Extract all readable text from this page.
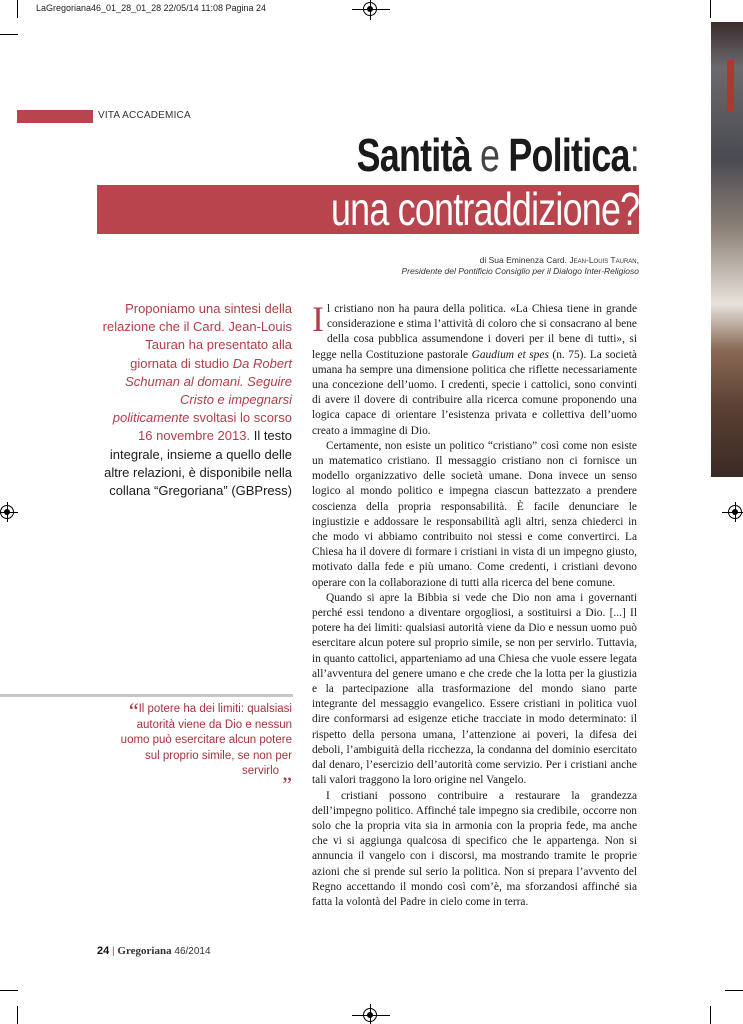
LaGregoriana46_01_28_01_28 22/05/14 11:08 Pagina 24
VITA ACCADEMICA
Santità e Politica:
una contraddizione?
di Sua Eminenza Card. Jean-Louis Tauran,
Presidente del Pontificio Consiglio per il Dialogo Inter-Religioso
Proponiamo una sintesi della relazione che il Card. Jean-Louis Tauran ha presentato alla giornata di studio Da Robert Schuman al domani. Seguire Cristo e impegnarsi politicamente svoltasi lo scorso 16 novembre 2013. Il testo integrale, insieme a quello delle altre relazioni, è disponibile nella collana “Gregoriana” (GBPress)
“Il potere ha dei limiti: qualsiasi autorità viene da Dio e nessun uomo può esercitare alcun potere sul proprio simile, se non per servirlo „

Il cristiano non ha paura della politica. «La Chiesa tiene in grande considerazione e stima l’attività di coloro che si consacrano al bene della cosa pubblica assumendone i doveri per il bene di tutti», si legge nella Costituzione pastorale Gaudium et spes (n. 75). La società umana ha sempre una dimensione politica che riflette necessariamente una concezione dell’uomo. I credenti, specie i cattolici, sono convinti di avere il dovere di contribuire alla ricerca comune proponendo una logica capace di orientare l’esistenza privata e collettiva dell’uomo creato a immagine di Dio.

Certamente, non esiste un politico “cristiano” così come non esiste un matematico cristiano. Il messaggio cristiano non ci fornisce un modello organizzativo delle società umane. Dona invece un senso logico al mondo politico e impegna ciascun battezzato a prendere coscienza della propria responsabilità. È facile denunciare le ingiustizie e addossare le responsabilità agli altri, senza chiederci in che modo vi abbiamo contribuito noi stessi e come convertirci. La Chiesa ha il dovere di formare i cristiani in vista di un impegno giusto, motivato dalla fede e più umano. Come credenti, i cristiani devono operare con la collaborazione di tutti alla ricerca del bene comune.

Quando si apre la Bibbia si vede che Dio non ama i governanti perché essi tendono a diventare orgogliosi, a sostituirsi a Dio. [...] Il potere ha dei limiti: qualsiasi autorità viene da Dio e nessun uomo può esercitare alcun potere sul proprio simile, se non per servirlo. Tuttavia, in quanto cattolici, apparteniamo ad una Chiesa che vuole essere legata all’avventura del genere umano e che crede che la lotta per la giustizia e la partecipazione alla trasformazione del mondo siano parte integrante del messaggio evangelico. Essere cristiani in politica vuol dire conformarsi ad esigenze etiche tracciate in modo determinato: il rispetto della persona umana, l’attenzione ai poveri, la difesa dei deboli, l’ambiguità della ricchezza, la condanna del dominio esercitato dal denaro, l’esercizio dell’autorità come servizio. Per i cristiani anche tali valori traggono la loro origine nel Vangelo.

I cristiani possono contribuire a restaurare la grandezza dell’impegno politico. Affinché tale impegno sia credibile, occorre non solo che la propria vita sia in armonia con la propria fede, ma anche che vi si aggiunga qualcosa di specifico che le appartenga. Non si annuncia il vangelo con i discorsi, ma mostrando tramite le proprie azioni che si prende sul serio la politica. Non si prepara l’avvento del Regno accettando il mondo così com’è, ma sforzandosi affinché sia fatta la volontà del Padre in cielo come in terra.

24 | Gregoriana 46/2014
